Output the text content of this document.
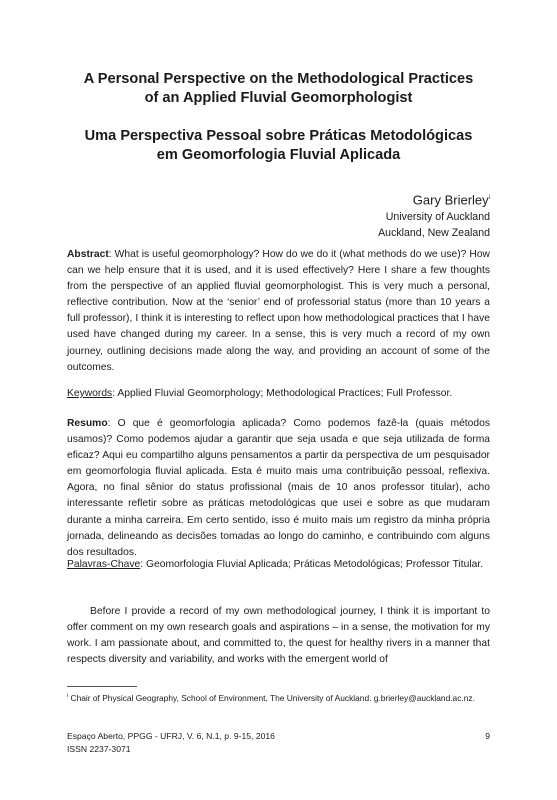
A Personal Perspective on the Methodological Practices
of an Applied Fluvial Geomorphologist
Uma Perspectiva Pessoal sobre Práticas Metodológicas
em Geomorfologia Fluvial Aplicada
Gary Brierley$^i$
University of Auckland
Auckland, New Zealand

Abstract: What is useful geomorphology? How do we do it (what methods do we use)? How can we help ensure that it is used, and it is used effectively? Here I share a few thoughts from the perspective of an applied fluvial geomorphologist. This is very much a personal, reflective contribution. Now at the ‘senior’ end of professorial status (more than 10 years a full professor), I think it is interesting to reflect upon how methodological practices that I have used have changed during my career. In a sense, this is very much a record of my own journey, outlining decisions made along the way, and providing an account of some of the outcomes.

Keywords: Applied Fluvial Geomorphology; Methodological Practices; Full Professor.

Resumo: O que é geomorfologia aplicada? Como podemos fazê-la (quais métodos usamos)? Como podemos ajudar a garantir que seja usada e que seja utilizada de forma eficaz? Aqui eu compartilho alguns pensamentos a partir da perspectiva de um pesquisador em geomorfologia fluvial aplicada. Esta é muito mais uma contribuição pessoal, reflexiva. Agora, no final sênior do status profissional (mais de 10 anos professor titular), acho interessante refletir sobre as práticas metodológicas que usei e sobre as que mudaram durante a minha carreira. Em certo sentido, isso é muito mais um registro da minha própria jornada, delineando as decisões tomadas ao longo do caminho, e contribuindo com alguns dos resultados.

Palavras-Chave: Geomorfologia Fluvial Aplicada; Práticas Metodológicas; Professor Titular.

Before I provide a record of my own methodological journey, I think it is important to offer comment on my own research goals and aspirations – in a sense, the motivation for my work. I am passionate about, and committed to, the quest for healthy rivers in a manner that respects diversity and variability, and works with the emergent world of

$^i$ Chair of Physical Geography, School of Environment, The University of Auckland. g.brierley@auckland.ac.nz.

Espaço Aberto, PPGG - UFRJ, V. 6, N.1, p. 9-15, 2016
ISSN 2237-3071
9
